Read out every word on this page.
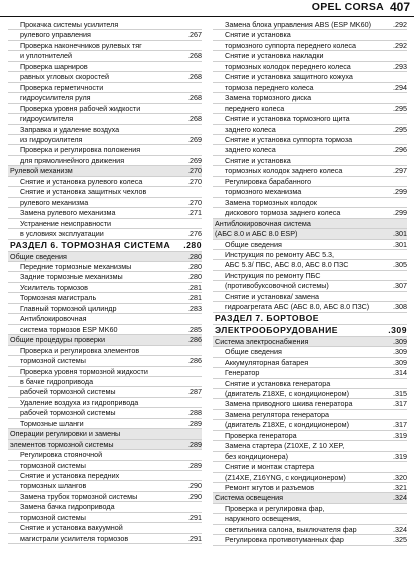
OPEL CORSA 407
Прокачка системы усилителя
рулевого управления	.267
Проверка наконечников рулевых тяг
и уплотнителей	.268
Проверка шарниров
равных угловых скоростей	.268
Проверка герметичности
гидроусилителя руля	.268
Проверка уровня рабочей жидкости
гидроусилителя	.268
Заправка и удаление воздуха
из гидроусилителя	.269
Проверка и регулировка положения
для прямолинейного движения	.269
Рулевой механизм	.270
Снятие и установка рулевого колеса	.270
Снятие и установка защитных чехлов
рулевого механизма	.270
Замена рулевого механизма	.271
Устранение неисправности
в условиях эксплуатации	.276
РАЗДЕЛ 6. ТОРМОЗНАЯ СИСТЕМА .280
Общие сведения	.280
Передние тормозные механизмы	.280
Задние тормозные механизмы	.280
Усилитель тормозов	.281
Тормозная магистраль	.281
Главный тормозной цилиндр	.283
Антиблокировочная
система тормозов ESP MK60	.285
Общие процедуры проверки	.286
Проверка и регулировка элементов
тормозной системы	.286
Проверка уровня тормозной жидкости
в бачке гидропривода
рабочей тормозной системы	.287
Удаление воздуха из гидропривода
рабочей тормозной системы	.288
Тормозные шланги	.289
Операции регулировки и замены
элементов тормозной системы	.289
Регулировка стояночной
тормозной системы	.289
Снятие и установка передних
тормозных шлангов	.290
Замена трубок тормозной системы	.290
Замена бачка гидропривода
тормозной системы	.291
Снятие и установка вакуумной
магистрали усилителя тормозов	.291
Замена блока управления ABS (ESP MK60)	.292
Снятие и установка
тормозного суппорта переднего колеса	.292
Снятие и установка накладки
тормозных колодок переднего колеса	.293
Снятие и установка защитного кожуха
тормоза переднего колеса	.294
Замена тормозного диска
переднего колеса	.295
Снятие и установка тормозного щита
заднего колеса	.295
Снятие и установка суппорта тормоза
заднего колеса	.296
Снятие и установка
тормозных колодок заднего колеса	.297
Регулировка барабанного
тормозного механизма	.299
Замена тормозных колодок
дискового тормоза заднего колеса	.299
Антиблокировочная система
(АБС 8.0 и АБС 8.0 ESP)	.301
Общие сведения	.301
Инструкция по ремонту АБС 5.3,
АБС 5.3/ ПБС, АБС 8.0, АБС 8.0 ПЗС	.305
Инструкция по ремонту ПБС
(противобуксовочной системы)	.307
Снятие и установка/ замена
гидроагрегата АБС (АБС 8.0, АБС 8.0 ПЗС)	.308
РАЗДЕЛ 7. БОРТОВОЕ
ЭЛЕКТРООБОРУДОВАНИЕ	.309
Система электроснабжения	.309
Общие сведения	.309
Аккумуляторная батарея	.309
Генератор	.314
Снятие и установка генератора
(двигатель Z18XE, с кондиционером)	.315
Замена приводного шкива генератора	.317
Замена регулятора генератора
(двигатель Z18XE, с кондиционером)	.317
Проверка генератора	.319
Замена стартера (Z10XE, Z 10 XEP,
без кондиционера)	.319
Снятие и монтаж стартера
(Z14XE, Z16YNG, с кондиционером)	.320
Ремонт жгутов и разъемов	.321
Система освещения	.324
Проверка и регулировка фар,
наружного освещения,
светильника салона, выключателя фар	.324
Регулировка противотуманных фар	.325
